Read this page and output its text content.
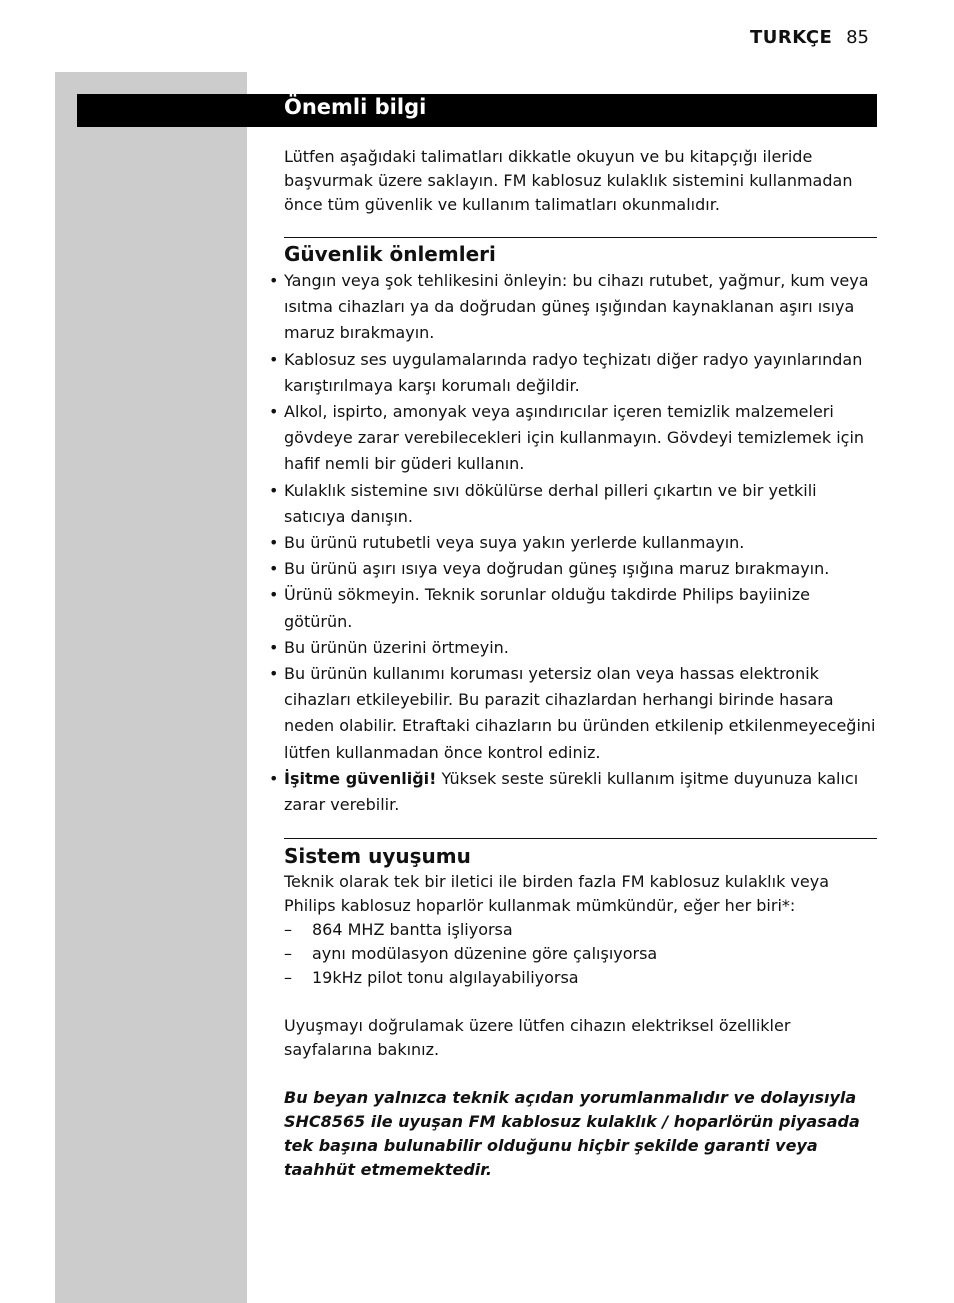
TURKÇE 85
Önemli bilgi

Lütfen aşağıdaki talimatları dikkatle okuyun ve bu kitapçığı ileride başvurmak üzere saklayın. FM kablosuz kulaklık sistemini kullanmadan önce tüm güvenlik ve kullanım talimatları okunmalıdır.

Güvenlik önlemleri
• Yangın veya şok tehlikesini önleyin: bu cihazı rutubet, yağmur, kum veya ısıtma cihazları ya da doğrudan güneş ışığından kaynaklanan aşırı ısıya maruz bırakmayın.
• Kablosuz ses uygulamalarında radyo teçhizatı diğer radyo yayınlarından karıştırılmaya karşı korumalı değildir.
• Alkol, ispirto, amonyak veya aşındırıcılar içeren temizlik malzemeleri gövdeye zarar verebilecekleri için kullanmayın. Gövdeyi temizlemek için hafif nemli bir güderi kullanın.
• Kulaklık sistemine sıvı dökülürse derhal pilleri çıkartın ve bir yetkili satıcıya danışın.
• Bu ürünü rutubetli veya suya yakın yerlerde kullanmayın.
• Bu ürünü aşırı ısıya veya doğrudan güneş ışığına maruz bırakmayın.
• Ürünü sökmeyin. Teknik sorunlar olduğu takdirde Philips bayiinize götürün.
• Bu ürünün üzerini örtmeyin.
• Bu ürünün kullanımı koruması yetersiz olan veya hassas elektronik cihazları etkileyebilir. Bu parazit cihazlardan herhangi birinde hasara neden olabilir. Etraftaki cihazların bu üründen etkilenip etkilenmeyeceğini lütfen kullanmadan önce kontrol ediniz.
• İşitme güvenliği! Yüksek seste sürekli kullanım işitme duyunuza kalıcı zarar verebilir.
Sistem uyuşumu

Teknik olarak tek bir iletici ile birden fazla FM kablosuz kulaklık veya Philips kablosuz hoparlör kullanmak mümkündür, eğer her biri*:

– 864 MHZ bantta işliyorsa
– aynı modülasyon düzenine göre çalışıyorsa
– 19kHz pilot tonu algılayabiliyorsa

Uyuşmayı doğrulamak üzere lütfen cihazın elektriksel özellikler sayfalarına bakınız.

Bu beyan yalnızca teknik açıdan yorumlanmalıdır ve dolayısıyla SHC8565 ile uyuşan FM kablosuz kulaklık / hoparlörün piyasada tek başına bulunabilir olduğunu hiçbir şekilde garanti veya taahhüt etmemektedir.
